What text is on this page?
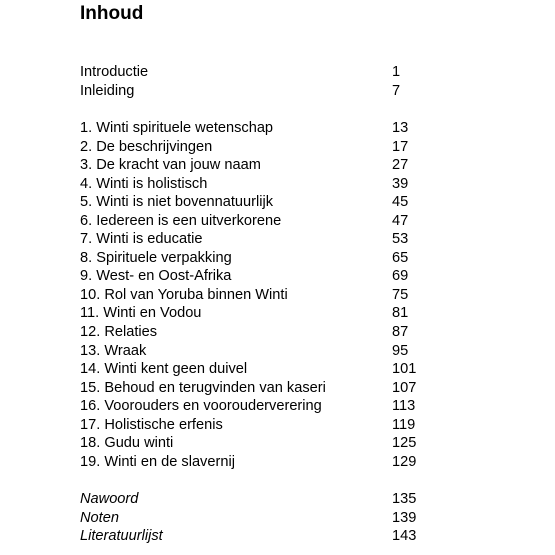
Inhoud
Introductie	1
Inleiding	7
1. Winti spirituele wetenschap	13
2. De beschrijvingen	17
3. De kracht van jouw naam	27
4. Winti is holistisch	39
5. Winti is niet bovennatuurlijk	45
6. Iedereen is een uitverkorene	47
7. Winti is educatie	53
8. Spirituele verpakking	65
9. West- en Oost-Afrika	69
10. Rol van Yoruba binnen Winti	75
11. Winti en Vodou	81
12. Relaties	87
13. Wraak	95
14. Winti kent geen duivel	101
15. Behoud en terugvinden van kaseri	107
16. Voorouders en voorouderverering	113
17. Holistische erfenis	119
18. Gudu winti	125
19. Winti en de slavernij	129
Nawoord	135
Noten	139
Literatuurlijst	143
